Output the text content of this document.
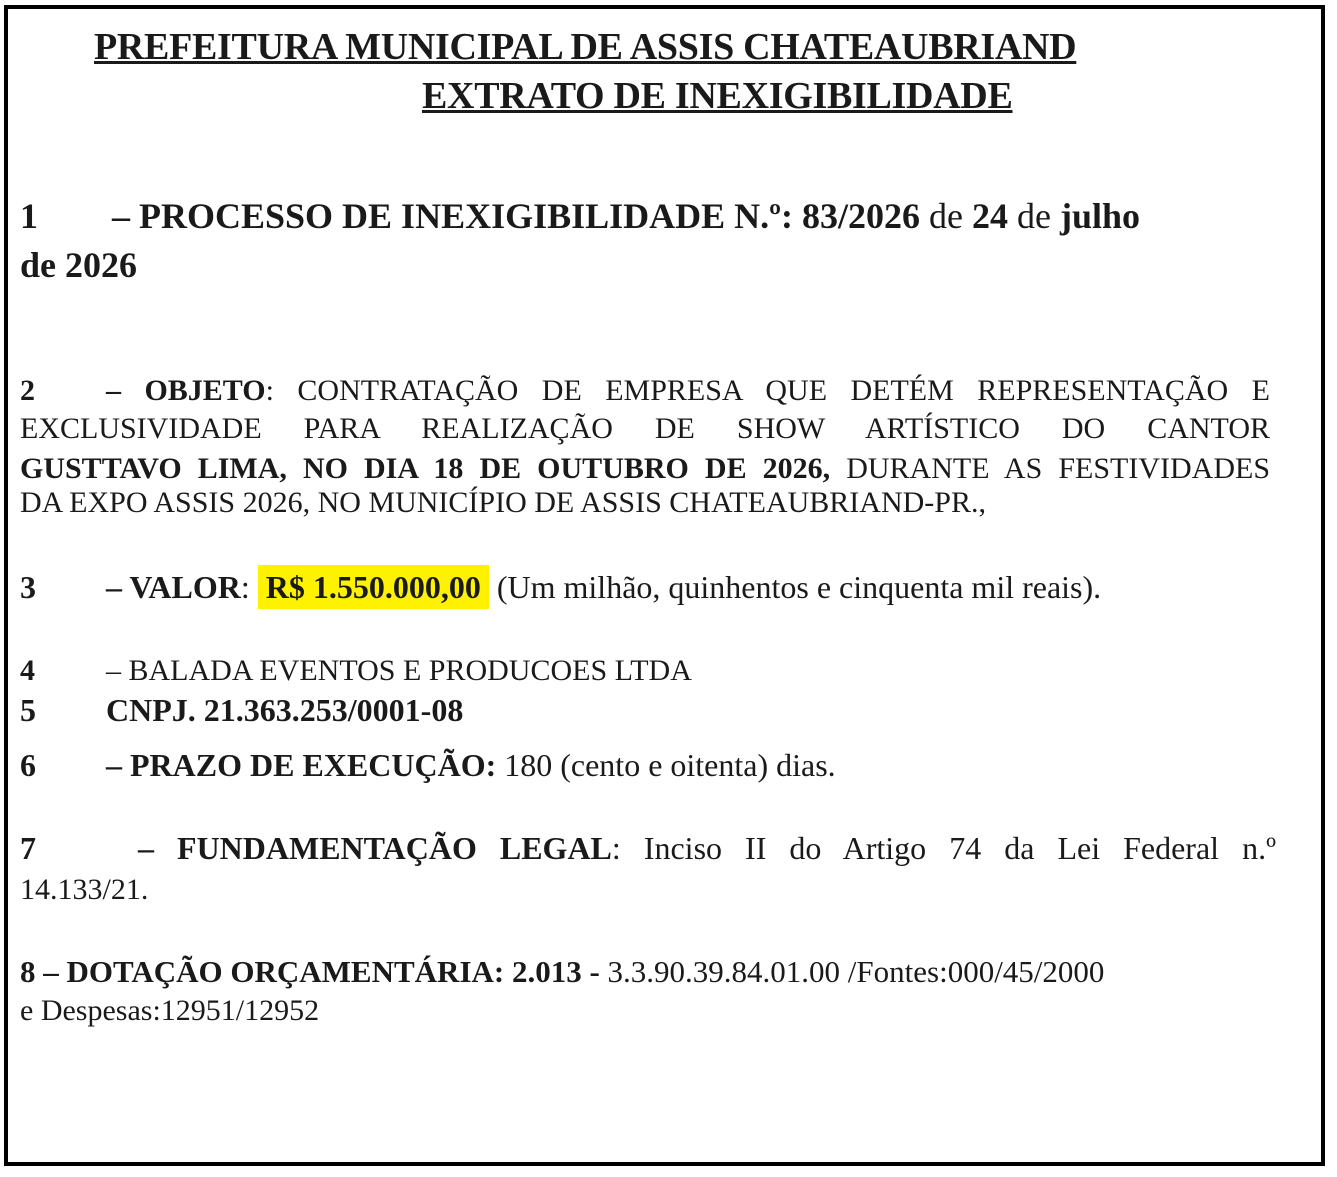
PREFEITURA MUNICIPAL DE ASSIS CHATEAUBRIAND
EXTRATO DE INEXIGIBILIDADE
1 – PROCESSO DE INEXIGIBILIDADE N.º: 83/2026 de 24 de julho
de 2026
2 – OBJETO: CONTRATAÇÃO DE EMPRESA QUE DETÉM REPRESENTAÇÃO E
EXCLUSIVIDADE PARA REALIZAÇÃO DE SHOW ARTÍSTICO DO CANTOR
GUSTTAVO LIMA, NO DIA 18 DE OUTUBRO DE 2026, DURANTE AS FESTIVIDADES
DA EXPO ASSIS 2026, NO MUNICÍPIO DE ASSIS CHATEAUBRIAND-PR.,
3 – VALOR: R$ 1.550.000,00 (Um milhão, quinhentos e cinquenta mil reais).
4 – BALADA EVENTOS E PRODUCOES LTDA
5 CNPJ. 21.363.253/0001-08
6 – PRAZO DE EXECUÇÃO: 180 (cento e oitenta) dias.
7	– FUNDAMENTAÇÃO LEGAL: Inciso II do Artigo 74 da Lei Federal n.º
14.133/21.
8 – DOTAÇÃO ORÇAMENTÁRIA: 2.013 - 3.3.90.39.84.01.00 /Fontes:000/45/2000
e Despesas:12951/12952
